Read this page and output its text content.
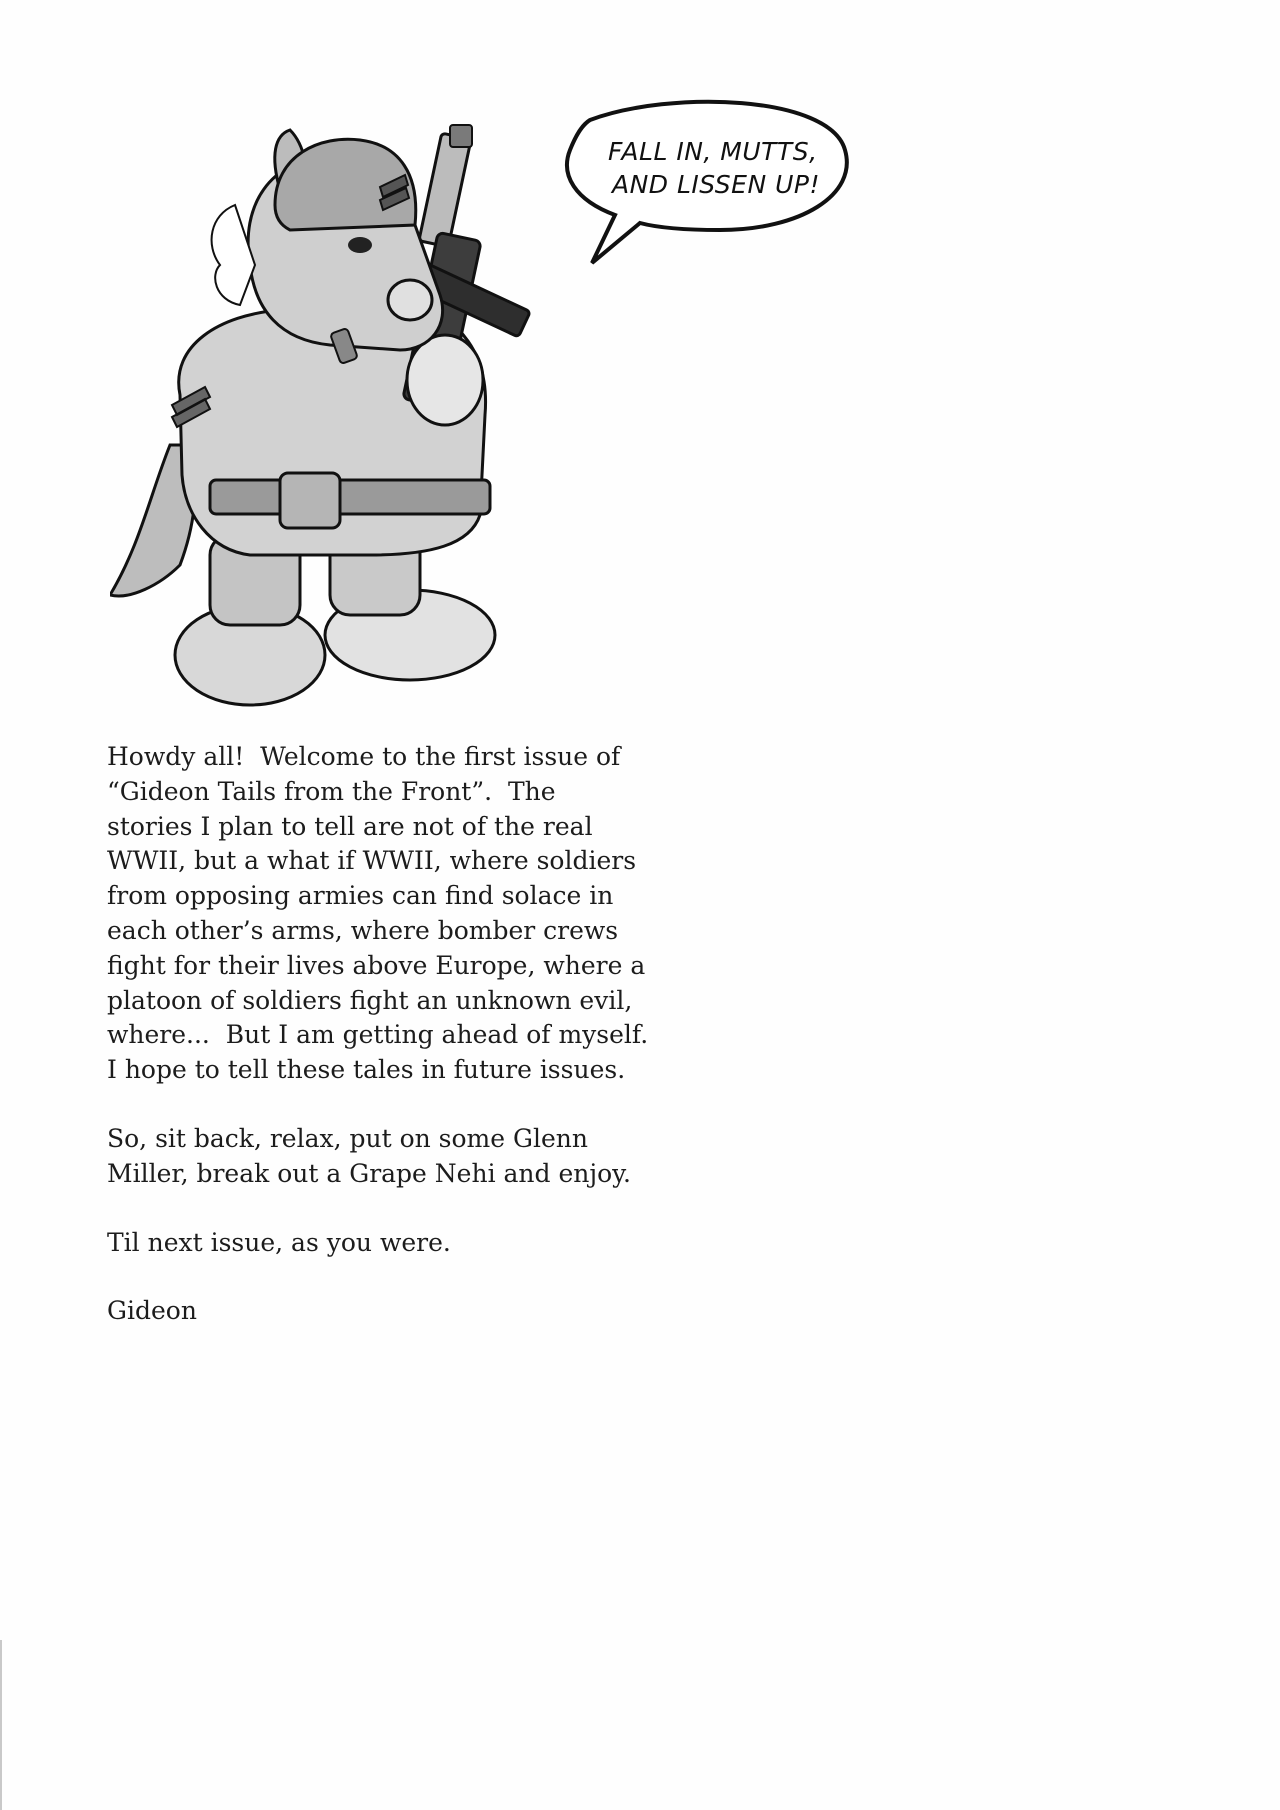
FALL IN, MUTTS,
AND LISSEN UP!

Howdy all!  Welcome to the first issue of
“Gideon Tails from the Front”.  The
stories I plan to tell are not of the real
WWII, but a what if WWII, where soldiers
from opposing armies can find solace in
each other’s arms, where bomber crews
fight for their lives above Europe, where a
platoon of soldiers fight an unknown evil,
where...  But I am getting ahead of myself.
I hope to tell these tales in future issues.

So, sit back, relax, put on some Glenn
Miller, break out a Grape Nehi and enjoy.

Til next issue, as you were.

Gideon
